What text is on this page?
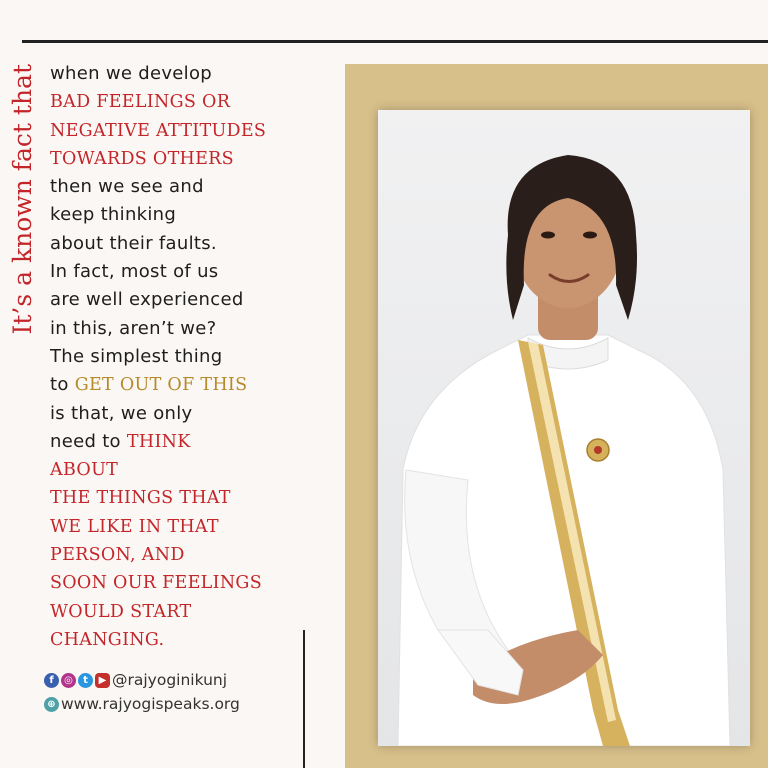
It’s a known fact that when we develop
BAD FEELINGS OR
NEGATIVE ATTITUDES
TOWARDS OTHERS
then we see and
keep thinking
about their faults.
In fact, most of us
are well experienced
in this, aren’t we?
The simplest thing
to GET OUT OF THIS
is that, we only
need to THINK
ABOUT
THE THINGS THAT
WE LIKE IN THAT
PERSON, AND
SOON OUR FEELINGS
WOULD START
CHANGING.
f	◎	t	▶ @rajyoginikunj
⊕ www.rajyogispeaks.org
